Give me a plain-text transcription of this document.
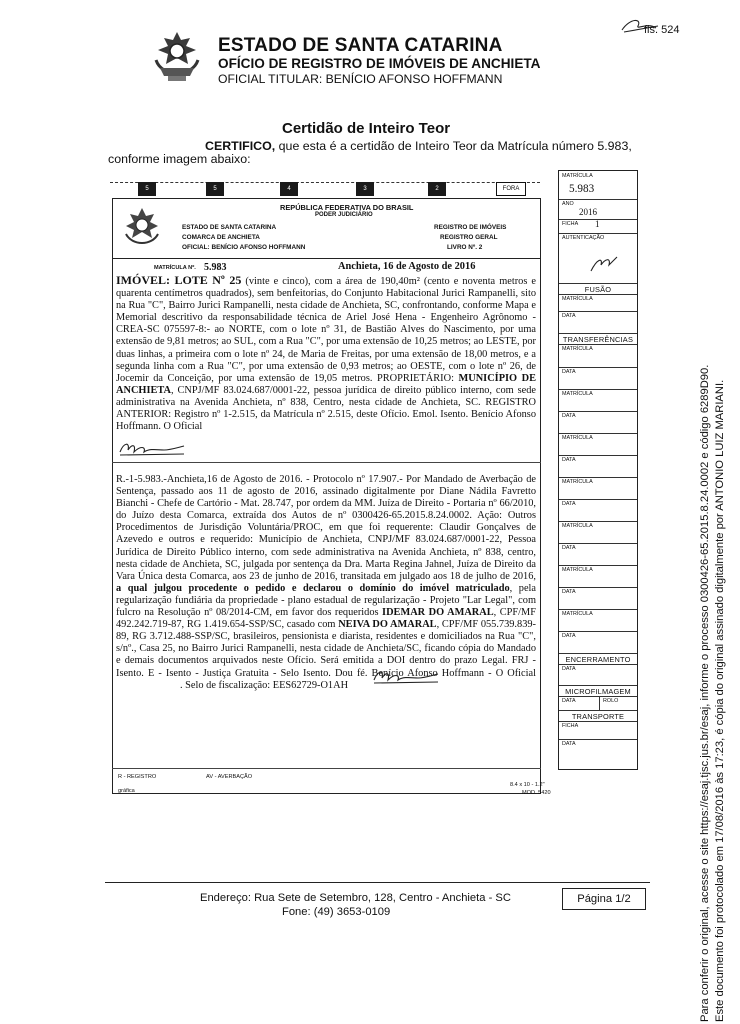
fls. 524
ESTADO DE SANTA CATARINA
OFÍCIO DE REGISTRO DE IMÓVEIS DE ANCHIETA
OFICIAL TITULAR: BENÍCIO AFONSO HOFFMANN
Certidão de Inteiro Teor
CERTIFICO, que esta é a certidão de Inteiro Teor da Matrícula número 5.983,
conforme imagem abaixo:
5	5	4	3	2	FORA
REPÚBLICA FEDERATIVA DO BRASIL
PODER JUDICIÁRIO
ESTADO DE SANTA CATARINA
COMARCA DE ANCHIETA
OFICIAL: BENÍCIO AFONSO HOFFMANN
REGISTRO DE IMÓVEIS
REGISTRO GERAL
LIVRO Nº. 2
MATRÍCULA Nº. 5.983	Anchieta, 16 de Agosto de 2016
IMÓVEL: LOTE Nº 25 (vinte e cinco), com a área de 190,40m² (cento e noventa metros e quarenta centímetros quadrados), sem benfeitorias, do Conjunto Habitacional Jurici Rampanelli, sito na Rua "C", Bairro Jurici Rampanelli, nesta cidade de Anchieta, SC, confrontando, conforme Mapa e Memorial descritivo da responsabilidade técnica de Ariel José Hena - Engenheiro Agrônomo - CREA-SC 075597-8:- ao NORTE, com o lote nº 31, de Bastião Alves do Nascimento, por uma extensão de 9,81 metros; ao SUL, com a Rua "C", por uma extensão de 10,25 metros; ao LESTE, por duas linhas, a primeira com o lote nº 24, de Maria de Freitas, por uma extensão de 18,00 metros, e a segunda linha com a Rua "C", por uma extensão de 0,93 metros; ao OESTE, com o lote nº 26, de Jocemir da Conceição, por uma extensão de 19,05 metros. PROPRIETÁRIO: MUNICÍPIO DE ANCHIETA, CNPJ/MF 83.024.687/0001-22, pessoa jurídica de direito público interno, com sede administrativa na Avenida Anchieta, nº 838, Centro, nesta cidade de Anchieta, SC. REGISTRO ANTERIOR: Registro nº 1-2.515, da Matrícula nº 2.515, deste Ofício. Emol. Isento. Benício Afonso Hoffmann. O Oficial
R.-1-5.983.-Anchieta,16 de Agosto de 2016. - Protocolo nº 17.907.- Por Mandado de Averbação de Sentença, passado aos 11 de agosto de 2016, assinado digitalmente por Diane Nádila Favretto Bianchi - Chefe de Cartório - Mat. 28.747, por ordem da MM. Juíza de Direito - Portaria nº 66/2010, do Juízo desta Comarca, extraída dos Autos de nº 0300426-65.2015.8.24.0002. Ação: Outros Procedimentos de Jurisdição Voluntária/PROC, em que foi requerente: Claudir Gonçalves de Azevedo e outros e requerido: Município de Anchieta, CNPJ/MF 83.024.687/0001-22, Pessoa Jurídica de Direito Público interno, com sede administrativa na Avenida Anchieta, nº 838, centro, nesta cidade de Anchieta, SC, julgada por sentença da Dra. Marta Regina Jahnel, Juíza de Direito da Vara Única desta Comarca, aos 23 de junho de 2016, transitada em julgado aos 18 de julho de 2016, a qual julgou procedente o pedido e declarou o domínio do imóvel matriculado, pela regularização fundiária da propriedade - plano estadual de regularização - Projeto "Lar Legal", com fulcro na Resolução nº 08/2014-CM, em favor dos requeridos IDEMAR DO AMARAL, CPF/MF 492.242.719-87, RG 1.419.654-SSP/SC, casado com NEIVA DO AMARAL, CPF/MF 055.739.839-89, RG 3.712.488-SSP/SC, brasileiros, pensionista e diarista, residentes e domiciliados na Rua "C", s/nº., Casa 25, no Bairro Jurici Rampanelli, nesta cidade de Anchieta/SC, ficando cópia do Mandado e demais documentos arquivados neste Ofício. Será emitida a DOI dentro do prazo Legal. FRJ - Isento. E - Isento - Justiça Gratuita - Selo Isento. Dou fé. Benício Afonso Hoffmann - O Oficial. Selo de fiscalização: EES62729-O1AH
R - REGISTRO	AV - AVERBAÇÃO
gráfica
8.4 x 10 - 1.2"
MOD. 5420
MATRÍCULA
5.983
ANO
2016
FICHA 1
AUTENTICAÇÃO
FUSÃO
MATRÍCULA
DATA
TRANSFERÊNCIAS
MATRÍCULA
DATA
MATRÍCULA
DATA
MATRÍCULA
DATA
MATRÍCULA
DATA
MATRÍCULA
DATA
MATRÍCULA
DATA
MATRÍCULA
DATA
ENCERRAMENTO
DATA
MICROFILMAGEM
DATA	ROLO
TRANSPORTE
FICHA
DATA
Endereço: Rua Sete de Setembro, 128, Centro - Anchieta - SC
Fone: (49) 3653-0109
Página 1/2	Este documento foi protocolado em 17/08/2016 às 17:23, é cópia do original assinado digitalmente por ANTONIO LUIZ MARIANI.
Para conferir o original, acesse o site https://esaj.tjsc.jus.br/esaj, informe o processo 0300426-65.2015.8.24.0002 e código 6289D90.
